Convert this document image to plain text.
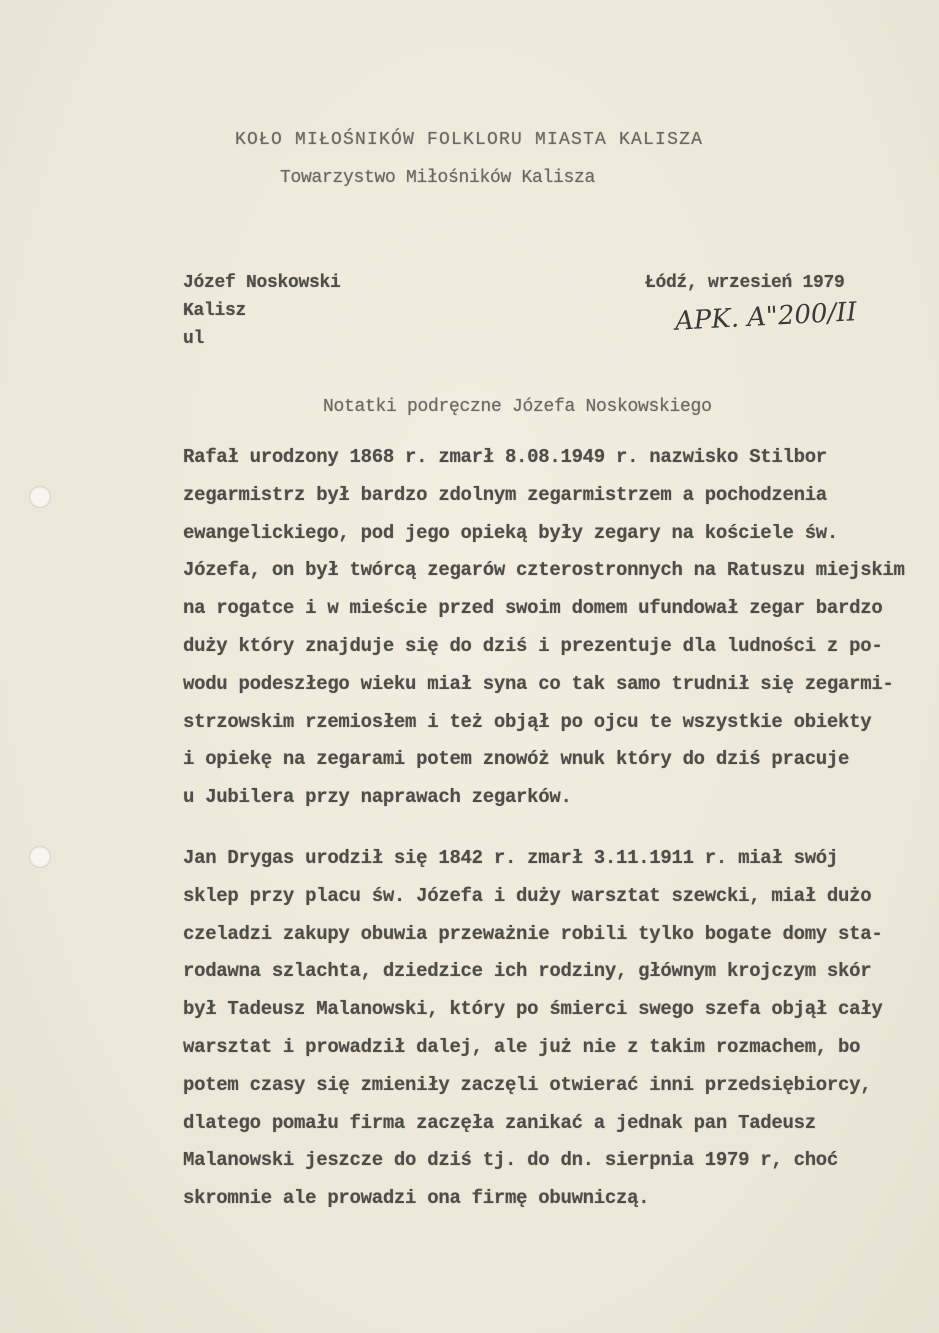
KOŁO MIŁOŚNIKÓW FOLKLORU MIASTA KALISZA
Towarzystwo Miłośników Kalisza
Józef Noskowski
Kalisz
ul
Łódź, wrzesień 1979
APK. A"200/II
Notatki podręczne Józefa Noskowskiego
Rafał urodzony 1868 r. zmarł 8.08.1949 r. nazwisko Stilbor
zegarmistrz był bardzo zdolnym zegarmistrzem a pochodzenia
ewangelickiego, pod jego opieką były zegary na kościele św.
Józefa, on był twórcą zegarów czterostronnych na Ratuszu miejskim
na rogatce i w mieście przed swoim domem ufundował zegar bardzo
duży który znajduje się do dziś i prezentuje dla ludności z po-
wodu podeszłego wieku miał syna co tak samo trudnił się zegarmi-
strzowskim rzemiosłem i też objął po ojcu te wszystkie obiekty
i opiekę na zegarami potem znowóż wnuk który do dziś pracuje
u Jubilera przy naprawach zegarków.
Jan Drygas urodził się 1842 r. zmarł 3.11.1911 r. miał swój
sklep przy placu św. Józefa i duży warsztat szewcki, miał dużo
czeladzi zakupy obuwia przeważnie robili tylko bogate domy sta-
rodawna szlachta, dziedzice ich rodziny, głównym krojczym skór
był Tadeusz Malanowski, który po śmierci swego szefa objął cały
warsztat i prowadził dalej, ale już nie z takim rozmachem, bo
potem czasy się zmieniły zaczęli otwierać inni przedsiębiorcy,
dlatego pomału firma zaczęła zanikać a jednak pan Tadeusz
Malanowski jeszcze do dziś tj. do dn. sierpnia 1979 r, choć
skromnie ale prowadzi ona firmę obuwniczą.
